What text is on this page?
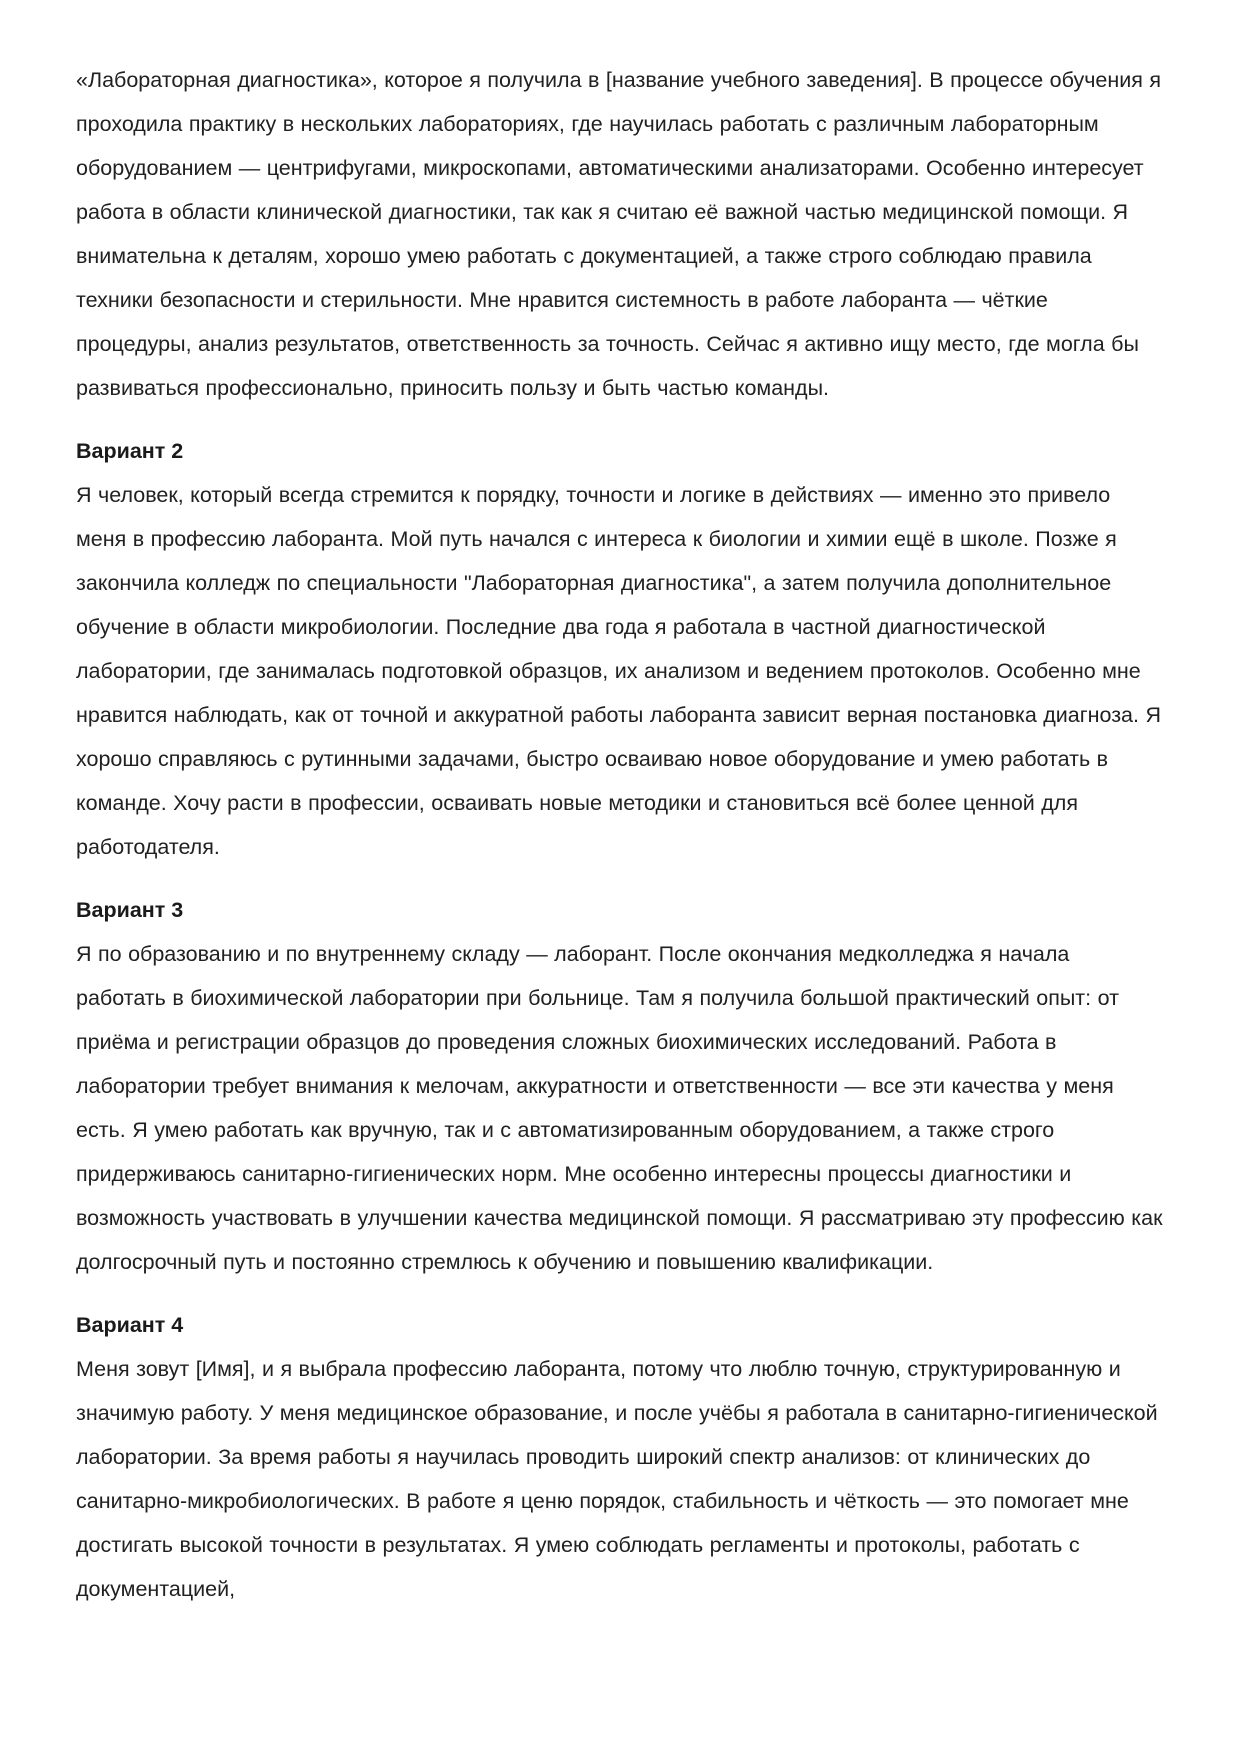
«Лабораторная диагностика», которое я получила в [название учебного заведения]. В процессе обучения я проходила практику в нескольких лабораториях, где научилась работать с различным лабораторным оборудованием — центрифугами, микроскопами, автоматическими анализаторами. Особенно интересует работа в области клинической диагностики, так как я считаю её важной частью медицинской помощи. Я внимательна к деталям, хорошо умею работать с документацией, а также строго соблюдаю правила техники безопасности и стерильности. Мне нравится системность в работе лаборанта — чёткие процедуры, анализ результатов, ответственность за точность. Сейчас я активно ищу место, где могла бы развиваться профессионально, приносить пользу и быть частью команды.
Вариант 2
Я человек, который всегда стремится к порядку, точности и логике в действиях — именно это привело меня в профессию лаборанта. Мой путь начался с интереса к биологии и химии ещё в школе. Позже я закончила колледж по специальности "Лабораторная диагностика", а затем получила дополнительное обучение в области микробиологии. Последние два года я работала в частной диагностической лаборатории, где занималась подготовкой образцов, их анализом и ведением протоколов. Особенно мне нравится наблюдать, как от точной и аккуратной работы лаборанта зависит верная постановка диагноза. Я хорошо справляюсь с рутинными задачами, быстро осваиваю новое оборудование и умею работать в команде. Хочу расти в профессии, осваивать новые методики и становиться всё более ценной для работодателя.
Вариант 3
Я по образованию и по внутреннему складу — лаборант. После окончания медколледжа я начала работать в биохимической лаборатории при больнице. Там я получила большой практический опыт: от приёма и регистрации образцов до проведения сложных биохимических исследований. Работа в лаборатории требует внимания к мелочам, аккуратности и ответственности — все эти качества у меня есть. Я умею работать как вручную, так и с автоматизированным оборудованием, а также строго придерживаюсь санитарно-гигиенических норм. Мне особенно интересны процессы диагностики и возможность участвовать в улучшении качества медицинской помощи. Я рассматриваю эту профессию как долгосрочный путь и постоянно стремлюсь к обучению и повышению квалификации.
Вариант 4
Меня зовут [Имя], и я выбрала профессию лаборанта, потому что люблю точную, структурированную и значимую работу. У меня медицинское образование, и после учёбы я работала в санитарно-гигиенической лаборатории. За время работы я научилась проводить широкий спектр анализов: от клинических до санитарно-микробиологических. В работе я ценю порядок, стабильность и чёткость — это помогает мне достигать высокой точности в результатах. Я умею соблюдать регламенты и протоколы, работать с документацией,
